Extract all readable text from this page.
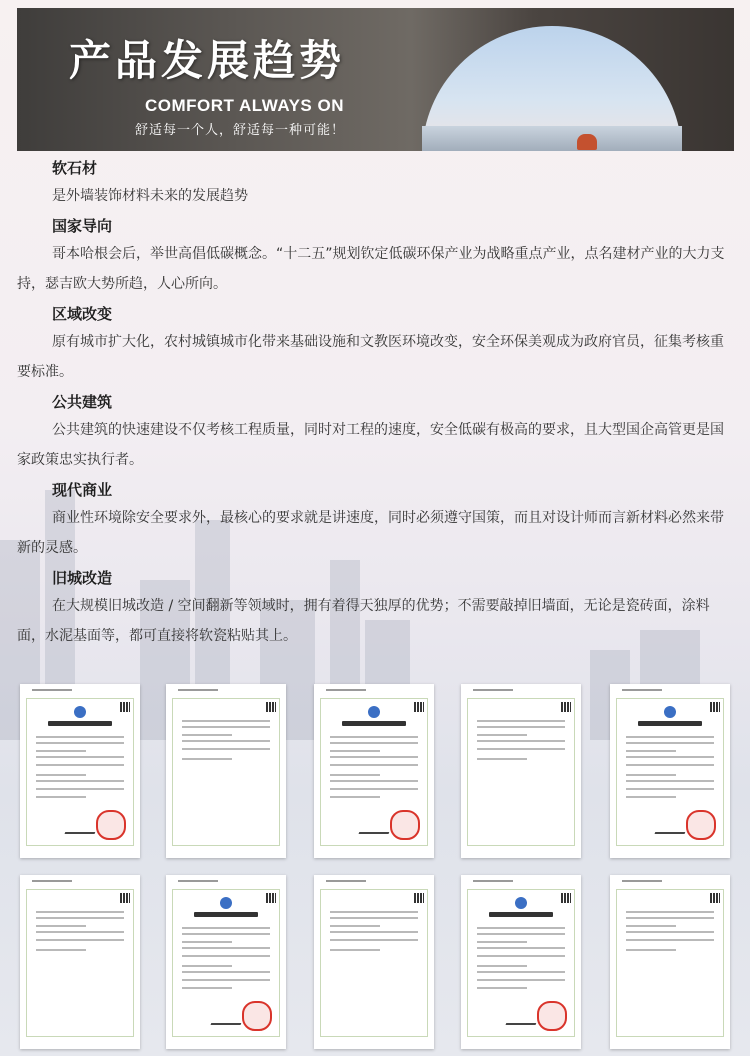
产品发展趋势
COMFORT ALWAYS ON
舒适每一个人，舒适每一种可能！
软石材

是外墙装饰材料未来的发展趋势

国家导向

哥本哈根会后，举世高倡低碳概念。“十二五”规划钦定低碳环保产业为战略重点产业，点名建材产业的大力支持，瑟吉欧大势所趋，人心所向。

区域改变

原有城市扩大化，农村城镇城市化带来基础设施和文教医环境改变，安全环保美观成为政府官员，征集考核重要标准。

公共建筑

公共建筑的快速建设不仅考核工程质量，同时对工程的速度，安全低碳有极高的要求，且大型国企高管更是国家政策忠实执行者。

现代商业

商业性环境除安全要求外，最核心的要求就是讲速度，同时必须遵守国策，而且对设计师而言新材料必然来带新的灵感。

旧城改造

在大规模旧城改造 / 空间翻新等领域时，拥有着得天独厚的优势；不需要敲掉旧墙面，无论是瓷砖面，涂料面，水泥基面等，都可直接将软瓷粘贴其上。
